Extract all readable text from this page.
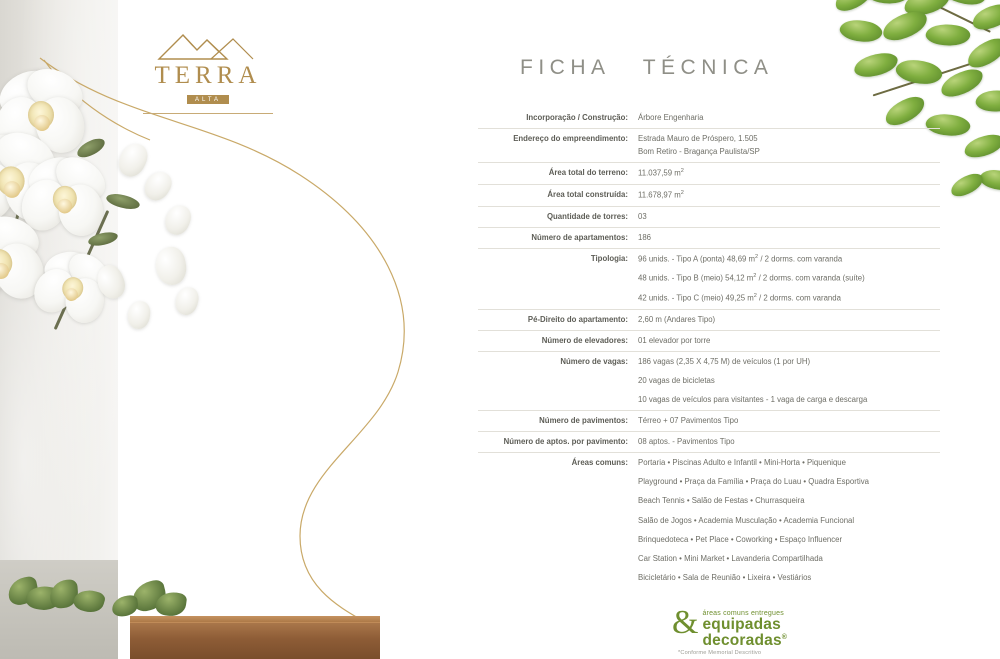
TERRA
ALTA
FICHA TÉCNICA
Incorporação / Construção:	Árbore Engenharia
Endereço do empreendimento:	Estrada Mauro de Próspero, 1.505
Bom Retiro - Bragança Paulista/SP
Área total do terreno:	11.037,59 $m^2$
Área total construída:	11.678,97 $m^2$
Quantidade de torres:	03
Número de apartamentos:	186
Tipologia:	96 unids. - Tipo A (ponta) 48,69 $m^2 / 2$ dorms. com varanda
48 unids. - Tipo B (meio) 54,12 $m^2 / 2$ dorms. com varanda (suíte)
42 unids. - Tipo C (meio) 49,25 $m^2 / 2$ dorms. com varanda
Pé-Direito do apartamento:	2,60 m (Andares Tipo)
Número de elevadores:	01 elevador por torre
Número de vagas:	186 vagas (2,35 X 4,75 M) de veículos (1 por UH)
20 vagas de bicicletas
10 vagas de veículos para visitantes - 1 vaga de carga e descarga
Número de pavimentos:	Térreo + 07 Pavimentos Tipo
Número de aptos. por pavimento:	08 aptos. - Pavimentos Tipo
Áreas comuns:	Portaria • Piscinas Adulto e Infantil • Mini-Horta • Piquenique
Playground • Praça da Família • Praça do Luau • Quadra Esportiva
Beach Tennis • Salão de Festas • Churrasqueira
Salão de Jogos • Academia Musculação • Academia Funcional
Brinquedoteca • Pet Place • Coworking • Espaço Influencer
Car Station • Mini Market • Lavanderia Compartilhada
Bicicletário • Sala de Reunião • Lixeira • Vestiários
& áreas comuns entregues
equipadas
decoradas®
*Conforme Memorial Descritivo
